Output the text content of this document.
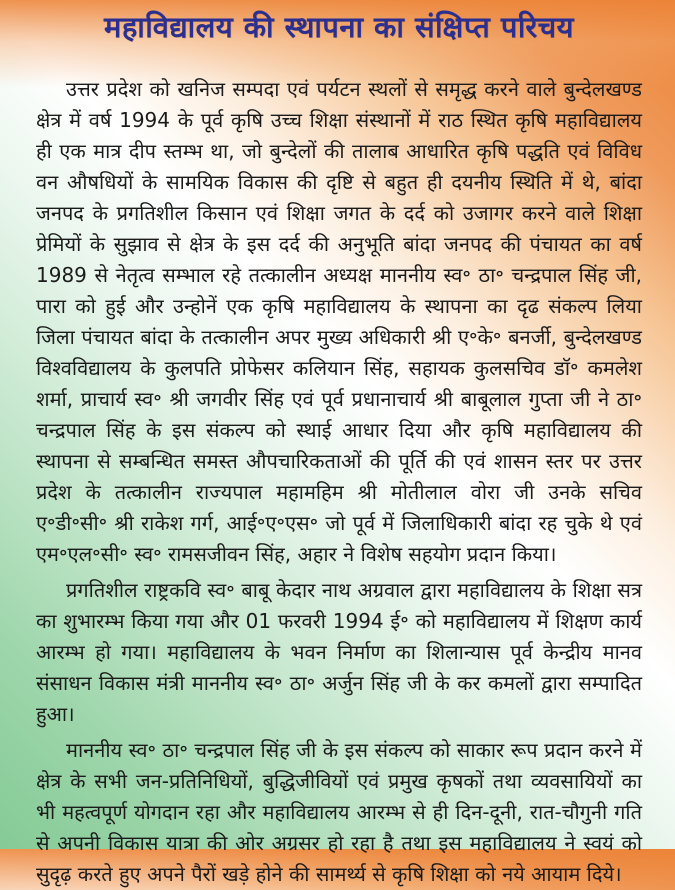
महाविद्यालय की स्थापना का संक्षिप्त परिचय

उत्तर प्रदेश को खनिज सम्पदा एवं पर्यटन स्थलों से समृद्ध करने वाले बुन्देलखण्ड क्षेत्र में वर्ष 1994 के पूर्व कृषि उच्च शिक्षा संस्थानों में राठ स्थित कृषि महाविद्यालय ही एक मात्र दीप स्तम्भ था, जो बुन्देलों की तालाब आधारित कृषि पद्धति एवं विविध वन औषधियों के सामयिक विकास की दृष्टि से बहुत ही दयनीय स्थिति में थे, बांदा जनपद के प्रगतिशील किसान एवं शिक्षा जगत के दर्द को उजागर करने वाले शिक्षा प्रेमियों के सुझाव से क्षेत्र के इस दर्द की अनुभूति बांदा जनपद की पंचायत का वर्ष 1989 से नेतृत्व सम्भाल रहे तत्कालीन अध्यक्ष माननीय स्व॰ ठा॰ चन्द्रपाल सिंह जी, पारा को हुई और उन्होनें एक कृषि महाविद्यालय के स्थापना का दृढ संकल्प लिया जिला पंचायत बांदा के तत्कालीन अपर मुख्य अधिकारी श्री ए॰के॰ बनर्जी, बुन्देलखण्ड विश्वविद्यालय के कुलपति प्रोफेसर कलियान सिंह, सहायक कुलसचिव डॉ॰ कमलेश शर्मा, प्राचार्य स्व॰ श्री जगवीर सिंह एवं पूर्व प्रधानाचार्य श्री बाबूलाल गुप्ता जी ने ठा॰ चन्द्रपाल सिंह के इस संकल्प को स्थाई आधार दिया और कृषि महाविद्यालय की स्थापना से सम्बन्धित समस्त औपचारिकताओं की पूर्ति की एवं शासन स्तर पर उत्तर प्रदेश के तत्कालीन राज्यपाल महामहिम श्री मोतीलाल वोरा जी उनके सचिव ए॰डी॰सी॰ श्री राकेश गर्ग, आई॰ए॰एस॰ जो पूर्व में जिलाधिकारी बांदा रह चुके थे एवं एम॰एल॰सी॰ स्व॰ रामसजीवन सिंह, अहार ने विशेष सहयोग प्रदान किया।

प्रगतिशील राष्ट्रकवि स्व॰ बाबू केदार नाथ अग्रवाल द्वारा महाविद्यालय के शिक्षा सत्र का शुभारम्भ किया गया और 01 फरवरी 1994 ई॰ को महाविद्यालय में शिक्षण कार्य आरम्भ हो गया। महाविद्यालय के भवन निर्माण का शिलान्यास पूर्व केन्द्रीय मानव संसाधन विकास मंत्री माननीय स्व॰ ठा॰ अर्जुन सिंह जी के कर कमलों द्वारा सम्पादित हुआ।

माननीय स्व॰ ठा॰ चन्द्रपाल सिंह जी के इस संकल्प को साकार रूप प्रदान करने में क्षेत्र के सभी जन-प्रतिनिधियों, बुद्धिजीवियों एवं प्रमुख कृषकों तथा व्यवसायियों का भी महत्वपूर्ण योगदान रहा और महाविद्यालय आरम्भ से ही दिन-दूनी, रात-चौगुनी गति से अपनी विकास यात्रा की ओर अग्रसर हो रहा है तथा इस महाविद्यालय ने स्वयं को सुदृढ़ करते हुए अपने पैरों खड़े होने की सामर्थ्य से कृषि शिक्षा को नये आयाम दिये।
